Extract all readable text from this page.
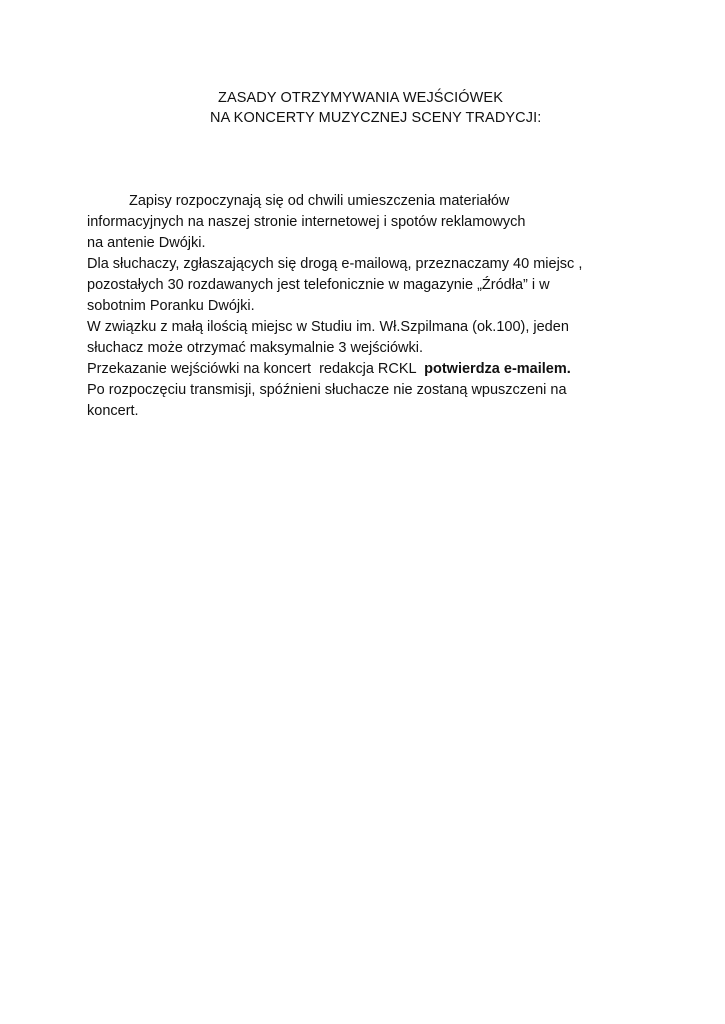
ZASADY OTRZYMYWANIA WEJŚCIÓWEK
NA KONCERTY MUZYCZNEJ SCENY TRADYCJI:
Zapisy rozpoczynają się od chwili umieszczenia materiałów
informacyjnych na naszej stronie internetowej i spotów reklamowych
na antenie Dwójki.
Dla słuchaczy, zgłaszających się drogą e-mailową, przeznaczamy 40 miejsc ,
pozostałych 30 rozdawanych jest telefonicznie w magazynie „Źródła” i w
sobotnim Poranku Dwójki.
W związku z małą ilością miejsc w Studiu im. Wł.Szpilmana (ok.100), jeden
słuchacz może otrzymać maksymalnie 3 wejściówki.
Przekazanie wejściówki na koncert  redakcja RCKL  potwierdza e-mailem.
Po rozpoczęciu transmisji, spóźnieni słuchacze nie zostaną wpuszczeni na
koncert.
